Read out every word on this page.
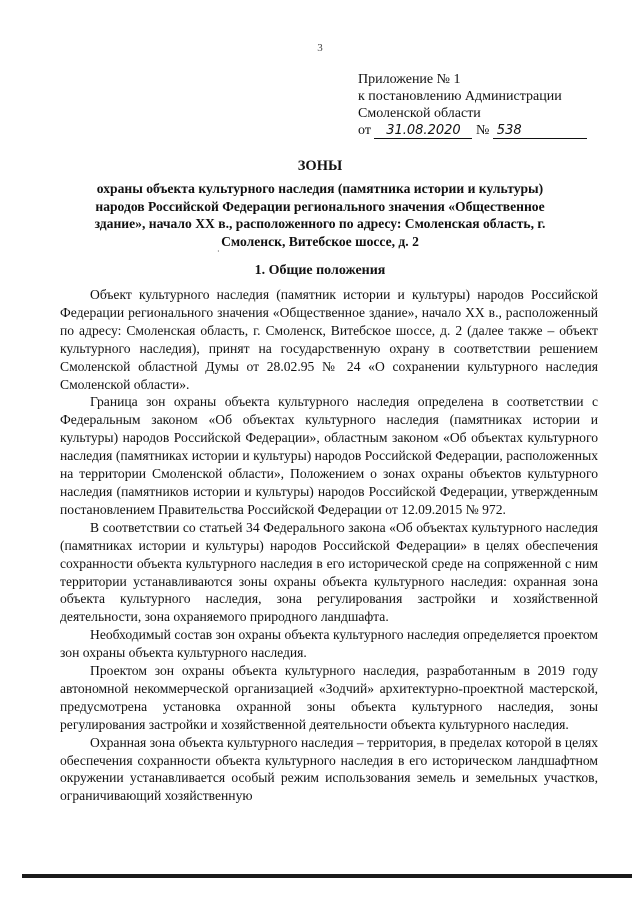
3
Приложение № 1
к постановлению Администрации
Смоленской области
от 31.08.2020 № 538
ЗОНЫ
охраны объекта культурного наследия (памятника истории и культуры) народов Российской Федерации регионального значения «Общественное здание», начало XX в., расположенного по адресу: Смоленская область, г. Смоленск, Витебское шоссе, д. 2
·
1. Общие положения

Объект культурного наследия (памятник истории и культуры) народов Российской Федерации регионального значения «Общественное здание», начало XX в., расположенный по адресу: Смоленская область, г. Смоленск, Витебское шоссе, д. 2 (далее также – объект культурного наследия), принят на государственную охрану в соответствии решением Смоленской областной Думы от 28.02.95 № 24 «О сохранении культурного наследия Смоленской области».

Граница зон охраны объекта культурного наследия определена в соответствии с Федеральным законом «Об объектах культурного наследия (памятниках истории и культуры) народов Российской Федерации», областным законом «Об объектах культурного наследия (памятниках истории и культуры) народов Российской Федерации, расположенных на территории Смоленской области», Положением о зонах охраны объектов культурного наследия (памятников истории и культуры) народов Российской Федерации, утвержденным постановлением Правительства Российской Федерации от 12.09.2015 № 972.

В соответствии со статьей 34 Федерального закона «Об объектах культурного наследия (памятниках истории и культуры) народов Российской Федерации» в целях обеспечения сохранности объекта культурного наследия в его исторической среде на сопряженной с ним территории устанавливаются зоны охраны объекта культурного наследия: охранная зона объекта культурного наследия, зона регулирования застройки и хозяйственной деятельности, зона охраняемого природного ландшафта.

Необходимый состав зон охраны объекта культурного наследия определяется проектом зон охраны объекта культурного наследия.

Проектом зон охраны объекта культурного наследия, разработанным в 2019 году автономной некоммерческой организацией «Зодчий» архитектурно-проектной мастерской, предусмотрена установка охранной зоны объекта культурного наследия, зоны регулирования застройки и хозяйственной деятельности объекта культурного наследия.

Охранная зона объекта культурного наследия – территория, в пределах которой в целях обеспечения сохранности объекта культурного наследия в его историческом ландшафтном окружении устанавливается особый режим использования земель и земельных участков, ограничивающий хозяйственную
